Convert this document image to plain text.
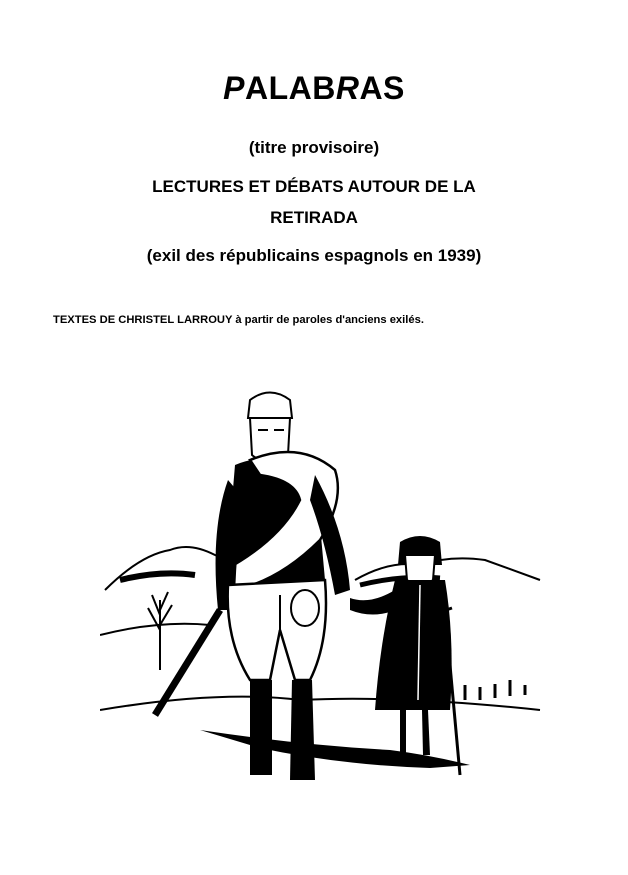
PALABRAS
(titre provisoire)
LECTURES ET DÉBATS AUTOUR DE LA
RETIRADA
(exil des républicains espagnols en 1939)
TEXTES DE CHRISTEL LARROUY à partir de paroles d'anciens exilés.
